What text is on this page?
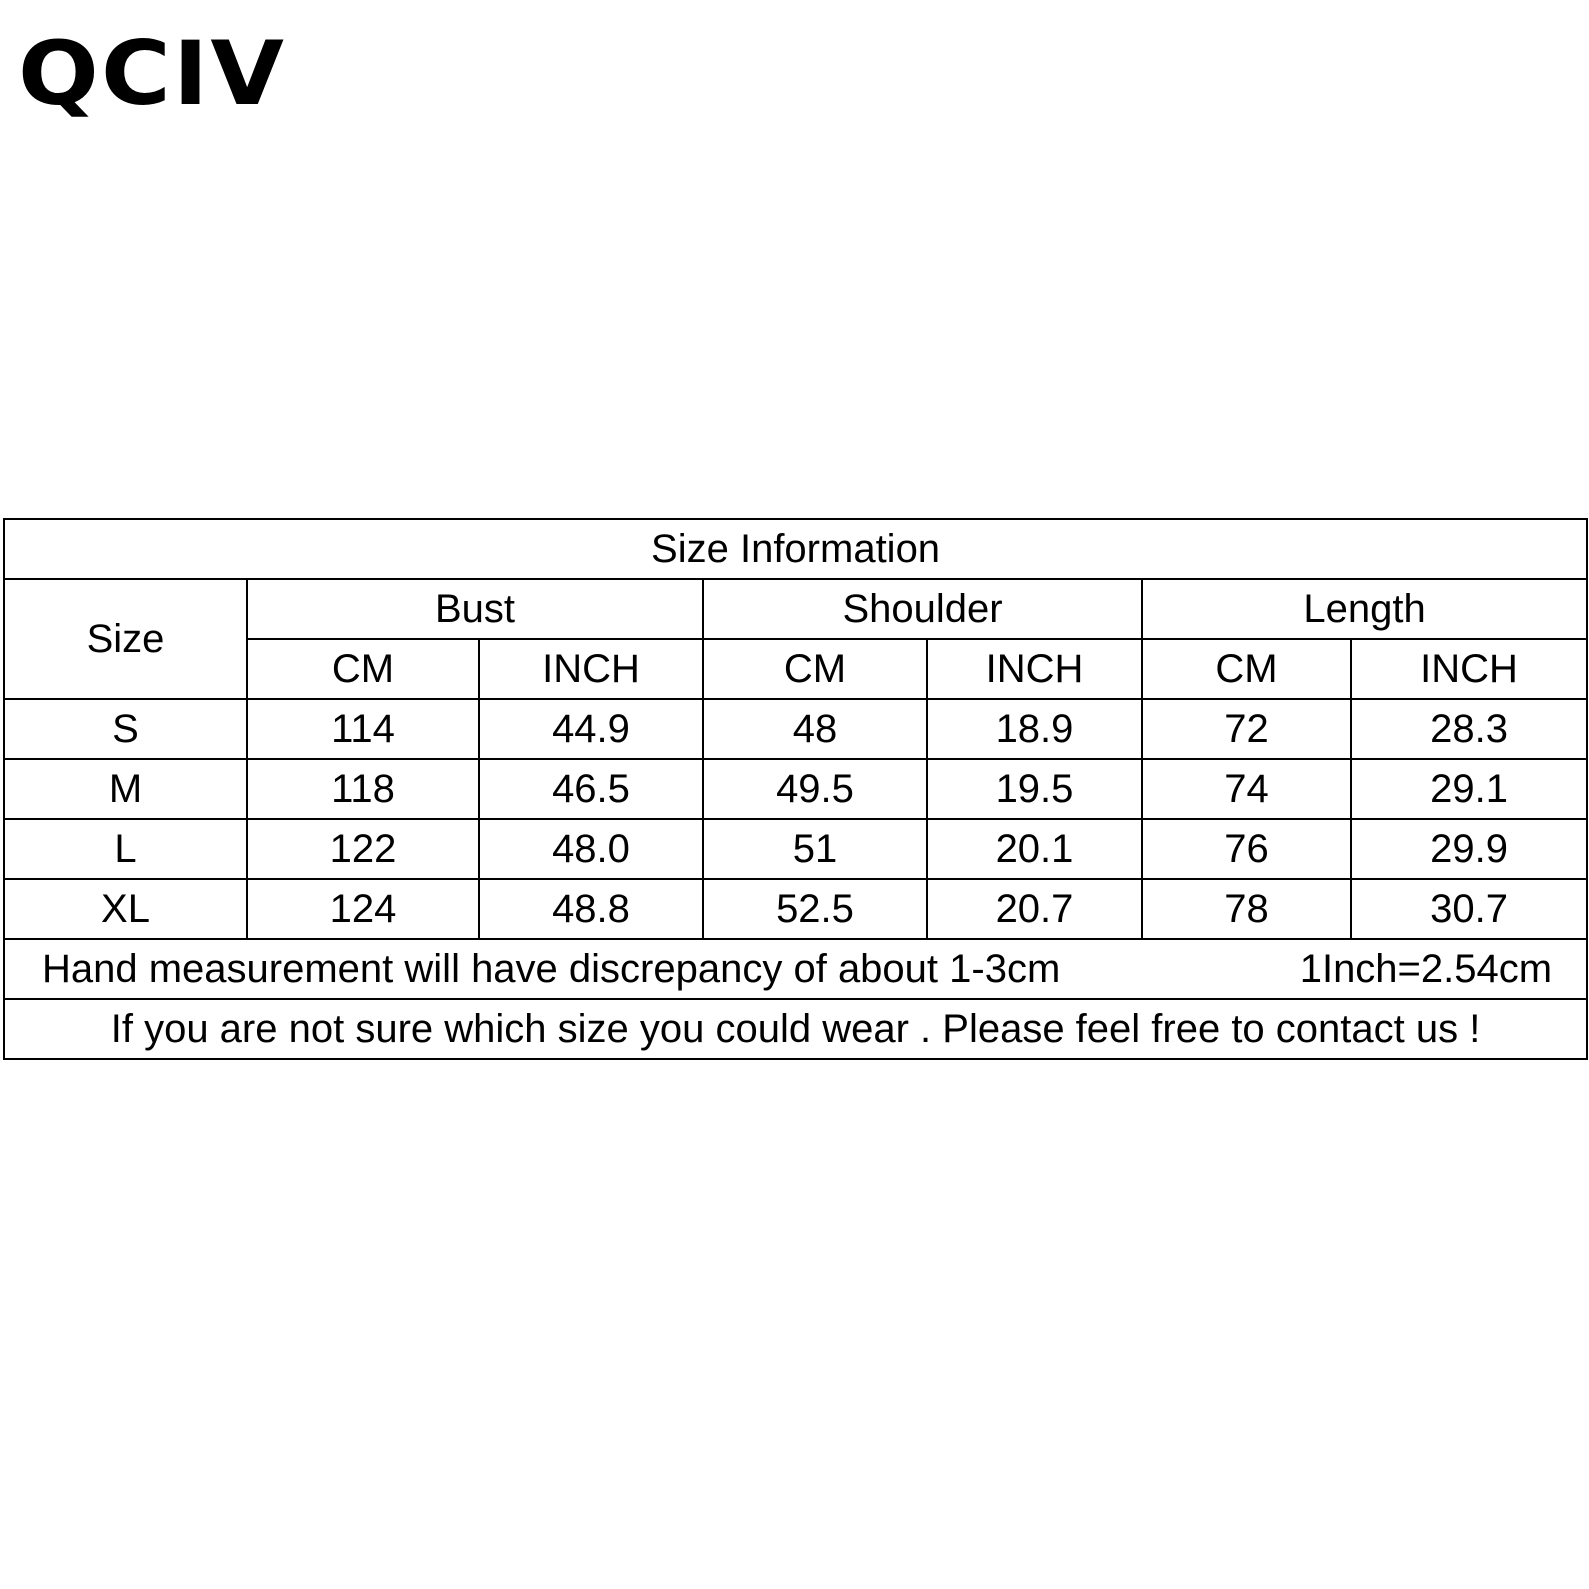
QCIV
Size Information						
Size	Bust		Shoulder		Length	
	CM	INCH	CM	INCH	CM	INCH
S	114	44.9	48	18.9	72	28.3
M	118	46.5	49.5	19.5	74	29.1
L	122	48.0	51	20.1	76	29.9
XL	124	48.8	52.5	20.7	78	30.7

Hand measurement will have discrepancy of about 1-3cm 1Inch=2.54cm						

If you are not sure which size you could wear . Please feel free to contact us !						
